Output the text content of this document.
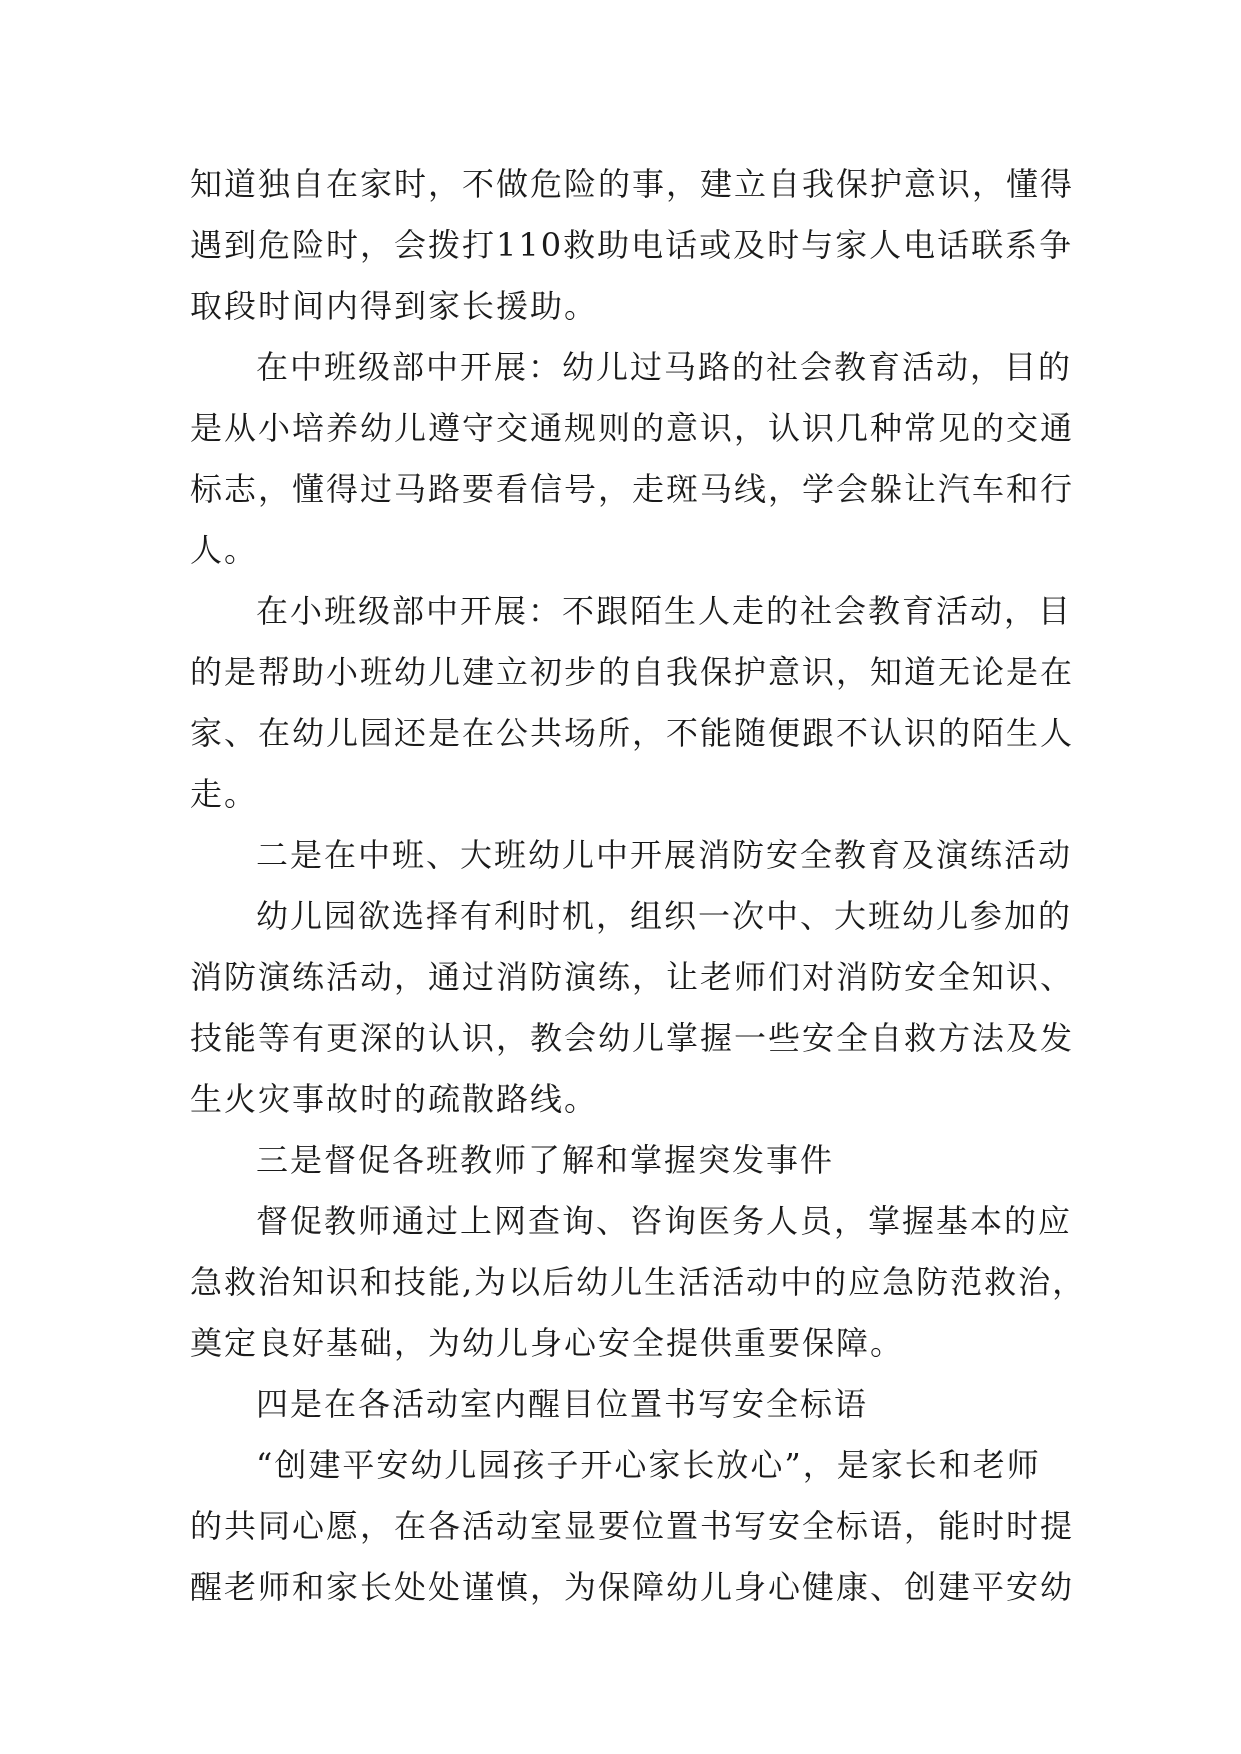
知道独自在家时，不做危险的事，建立自我保护意识，懂得

遇到危险时，会拨打110救助电话或及时与家人电话联系争

取段时间内得到家长援助。

在中班级部中开展：幼儿过马路的社会教育活动，目的

是从小培养幼儿遵守交通规则的意识，认识几种常见的交通

标志，懂得过马路要看信号，走斑马线，学会躲让汽车和行

人。

在小班级部中开展：不跟陌生人走的社会教育活动，目

的是帮助小班幼儿建立初步的自我保护意识，知道无论是在

家、在幼儿园还是在公共场所，不能随便跟不认识的陌生人

走。

二是在中班、大班幼儿中开展消防安全教育及演练活动

幼儿园欲选择有利时机，组织一次中、大班幼儿参加的

消防演练活动，通过消防演练，让老师们对消防安全知识、

技能等有更深的认识，教会幼儿掌握一些安全自救方法及发

生火灾事故时的疏散路线。

三是督促各班教师了解和掌握突发事件

督促教师通过上网查询、咨询医务人员，掌握基本的应

急救治知识和技能,为以后幼儿生活活动中的应急防范救治，

奠定良好基础，为幼儿身心安全提供重要保障。

四是在各活动室内醒目位置书写安全标语

“创建平安幼儿园孩子开心家长放心”，是家长和老师

的共同心愿，在各活动室显要位置书写安全标语，能时时提

醒老师和家长处处谨慎，为保障幼儿身心健康、创建平安幼
